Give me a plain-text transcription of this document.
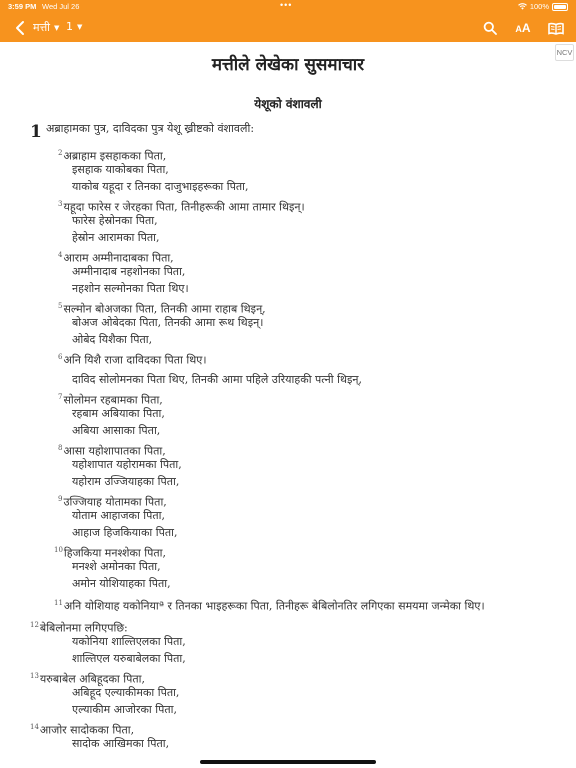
3:59 PM Wed Jul 26	•••	100%
मत्ती ▼ 1 ▼	AA
NCV
मत्तीले लेखेका सुसमाचार
येशूको वंशावली
1 अब्राहामका पुत्र, दाविदका पुत्र येशू ख्रीष्टको वंशावली:
$^2$अब्राहाम इसहाकका पिता,
इसहाक याकोबका पिता,
याकोब यहूदा र तिनका दाजुभाइहरूका पिता,
$^3$यहूदा फारेस र जेरहका पिता, तिनीहरूकी आमा तामार थिइन्।
फारेस हेस्रोनका पिता,
हेस्रोन आरामका पिता,
$^4$आराम अम्मीनादाबका पिता,
अम्मीनादाब नहशोनका पिता,
नहशोन सल्मोनका पिता थिए।
$^5$सल्मोन बोअजका पिता, तिनकी आमा राहाब थिइन्,
बोअज ओबेदका पिता, तिनकी आमा रूथ थिइन्।
ओबेद यिशैका पिता,
$^6$अनि यिशै राजा दाविदका पिता थिए।
दाविद सोलोमनका पिता थिए, तिनकी आमा पहिले उरियाहकी पत्नी थिइन्,
$^7$सोलोमन रहबामका पिता,
रहबाम अबियाका पिता,
अबिया आसाका पिता,
$^8$आसा यहोशापातका पिता,
यहोशापात यहोरामका पिता,
यहोराम उज्जियाहका पिता,
$^9$उज्जियाह योतामका पिता,
योताम आहाजका पिता,
आहाज हिजकियाका पिता,
$^{10}$हिजकिया मनश्शेका पिता,
मनश्शे अमोनका पिता,
अमोन योशियाहका पिता,
$^{11}$अनि योशियाह यकोनियाª र तिनका भाइहरूका पिता, तिनीहरू बेबिलोनतिर लगिएका समयमा जन्मेका थिए।
$^{12}$बेबिलोनमा लगिएपछि:
यकोनिया शाल्तिएलका पिता,
शाल्तिएल यरुबाबेलका पिता,
$^{13}$यरुबाबेल अबिहूदका पिता,
अबिहूद एल्याकीमका पिता,
एल्याकीम आजोरका पिता,
$^{14}$आजोर सादोकका पिता,
सादोक आखिमका पिता,
